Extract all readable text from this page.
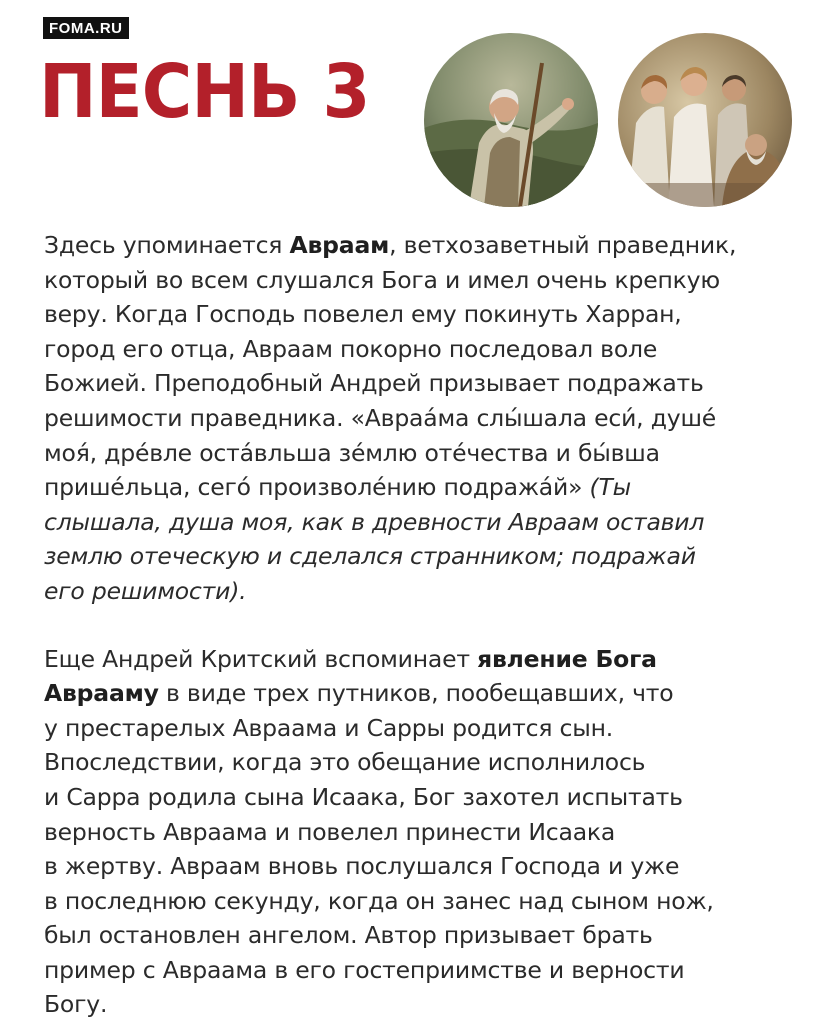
FOMA.RU
ПЕСНЬ 3

Здесь упоминается Авраам, ветхозаветный праведник,
который во всем слушался Бога и имел очень крепкую
веру. Когда Господь повелел ему покинуть Харран,
город его отца, Авраам покорно последовал воле
Божией. Преподобный Андрей призывает подражать
решимости праведника. «Авраа́ма слы́шала еси́, душе́
моя́, дре́вле оста́вльша зе́млю оте́чества и бы́вша
прише́льца, сего́ произволе́нию подража́й» (Ты
слышала, душа моя, как в древности Авраам оставил
землю отеческую и сделался странником; подражай
его решимости).

Еще Андрей Критский вспоминает явление Бога
Аврааму в виде трех путников, пообещавших, что
у престарелых Авраама и Сарры родится сын.
Впоследствии, когда это обещание исполнилось
и Сарра родила сына Исаака, Бог захотел испытать
верность Авраама и повелел принести Исаака
в жертву. Авраам вновь послушался Господа и уже
в последнюю секунду, когда он занес над сыном нож,
был остановлен ангелом. Автор призывает брать
пример с Авраама в его гостеприимстве и верности
Богу.
